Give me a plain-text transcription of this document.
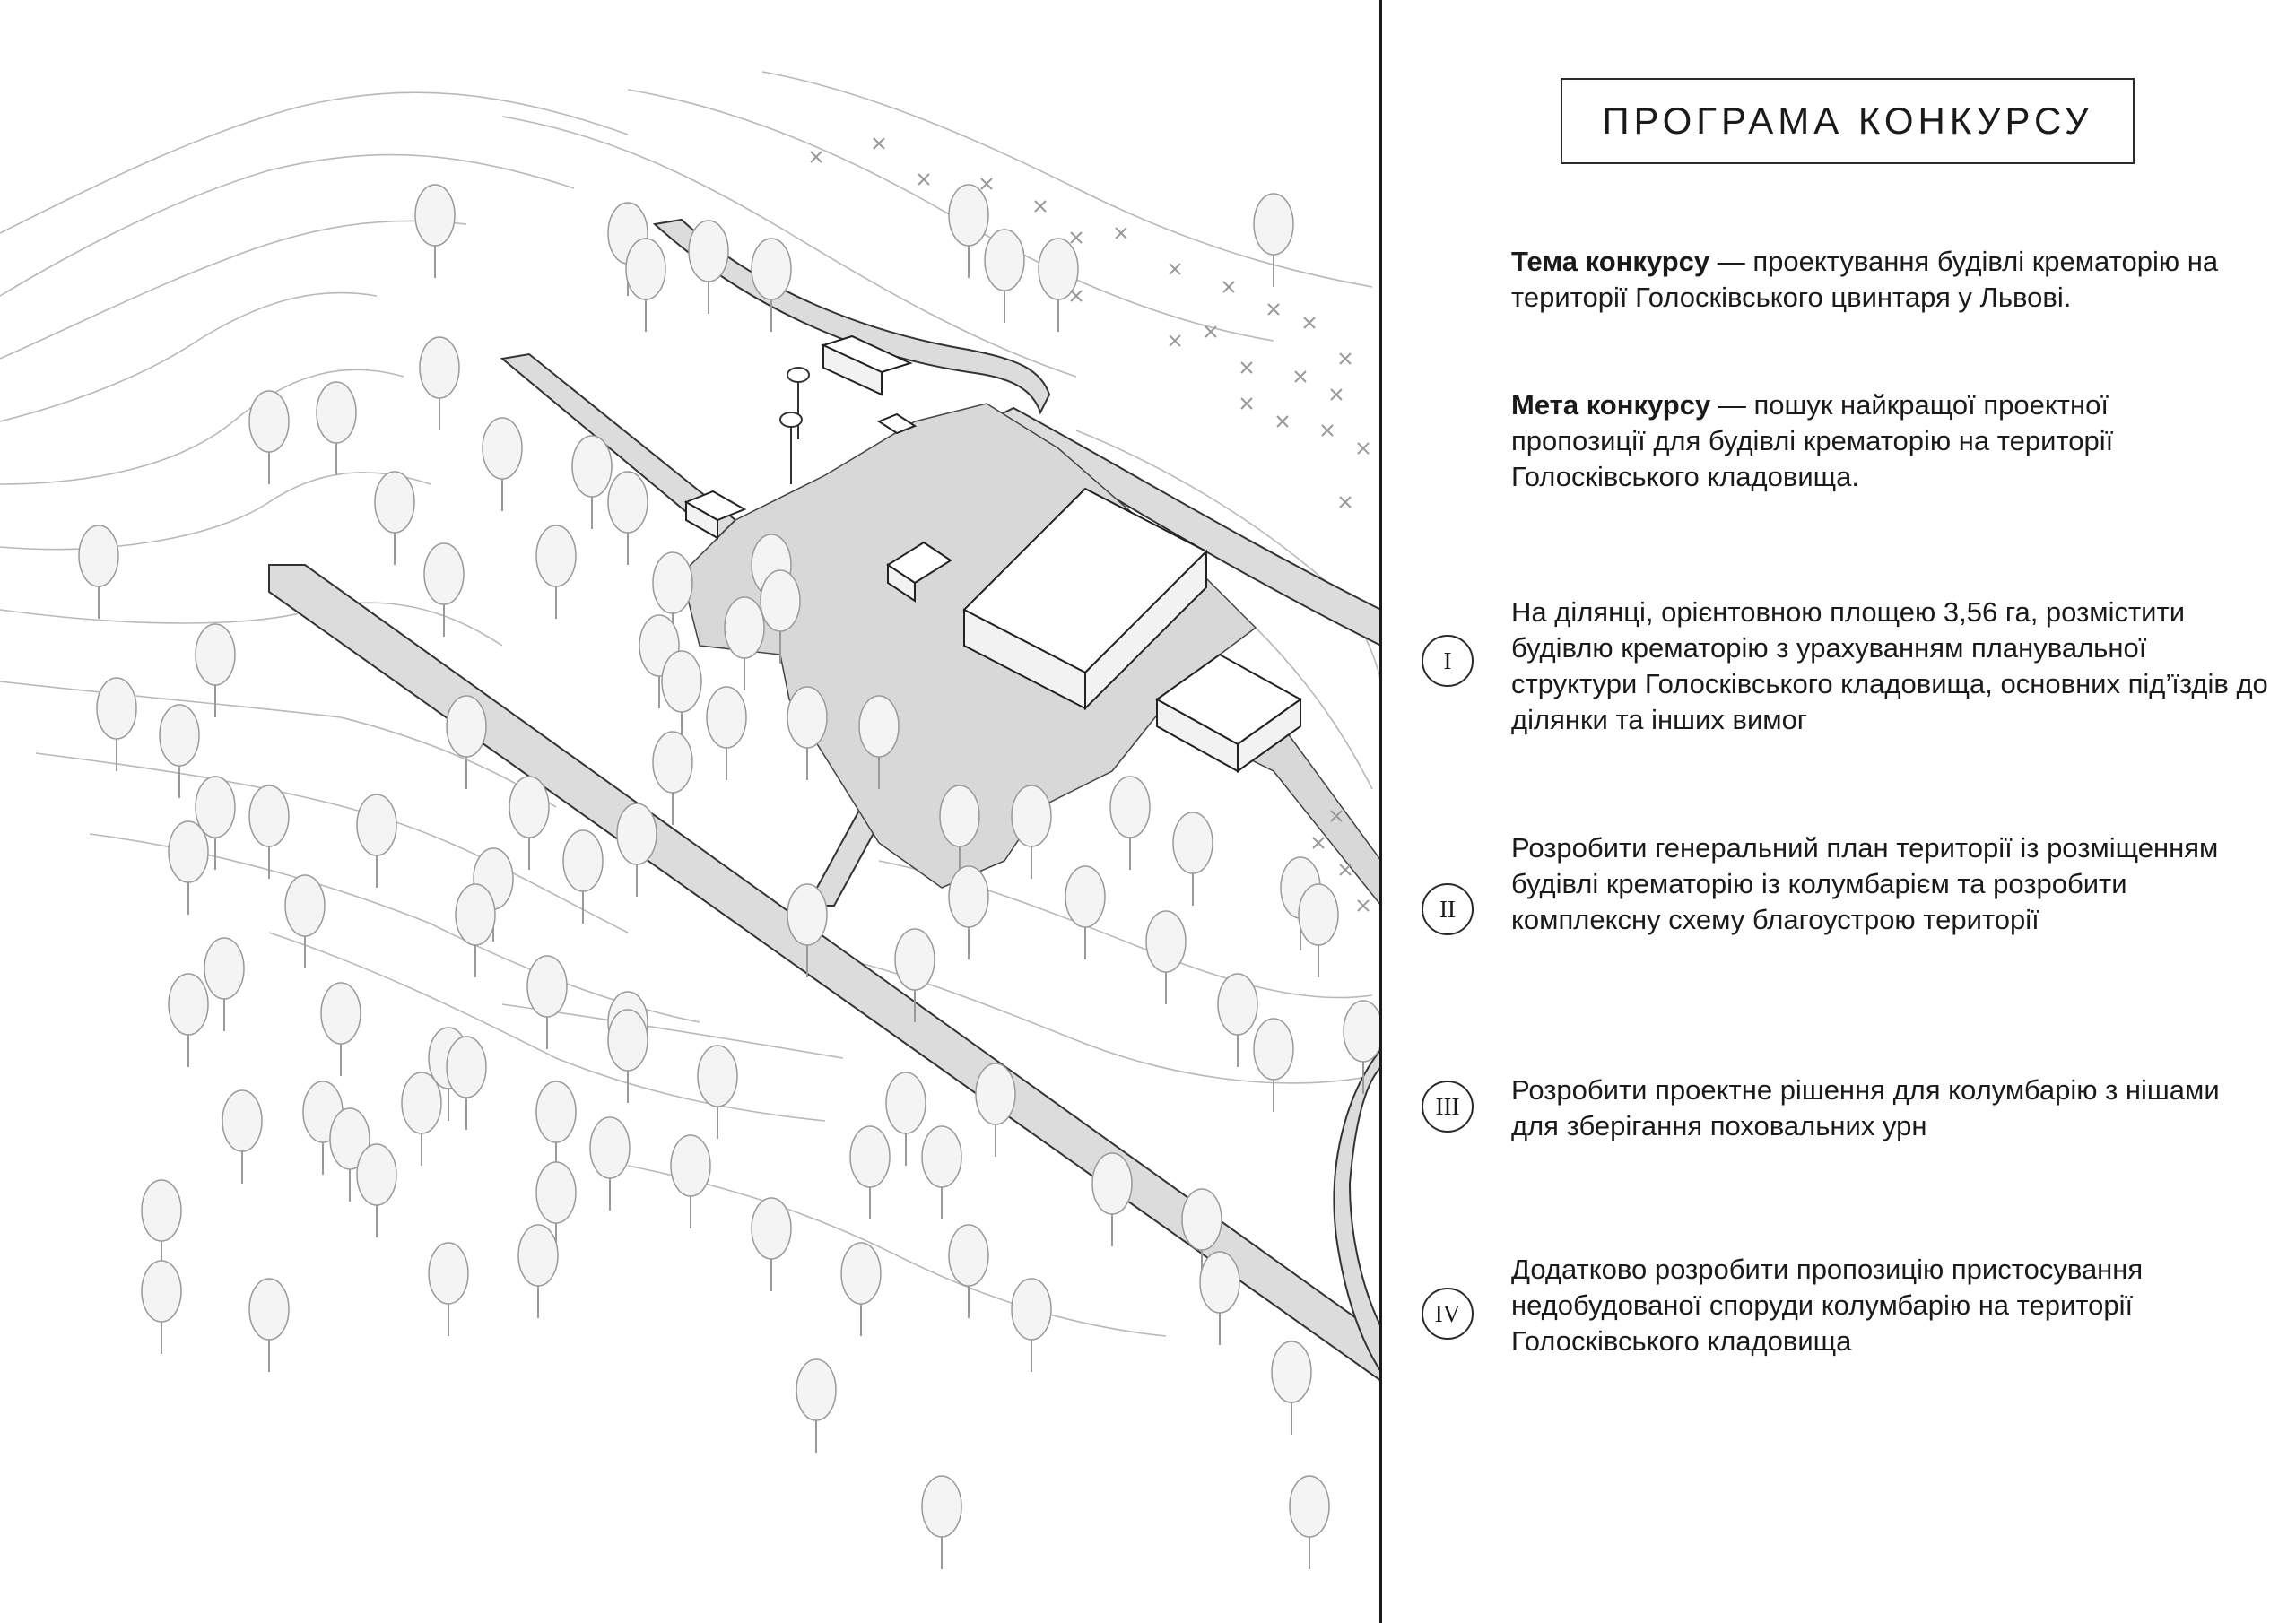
ПРОГРАМА КОНКУРСУ
Тема конкурсу — проектування будівлі крематорію на території Голосківського цвинтаря у Львові.
Мета конкурсу — пошук найкращої проектної пропозиції для будівлі крематорію на території Голосківського кладовища.
I
На ділянці, орієнтовною площею 3,56 га, розмістити будівлю крематорію з урахуванням планувальної структури Голосківського кладовища, основних під’їздів до ділянки та інших вимог
II
Розробити генеральний план території із розміщенням будівлі крематорію із колумбарієм та розробити комплексну схему благоустрою території
III
Розробити проектне рішення для колумбарію з нішами для зберігання поховальних урн
IV
Додатково розробити пропозицію пристосування недобудованої споруди колумбарію на території Голосківського кладовища
